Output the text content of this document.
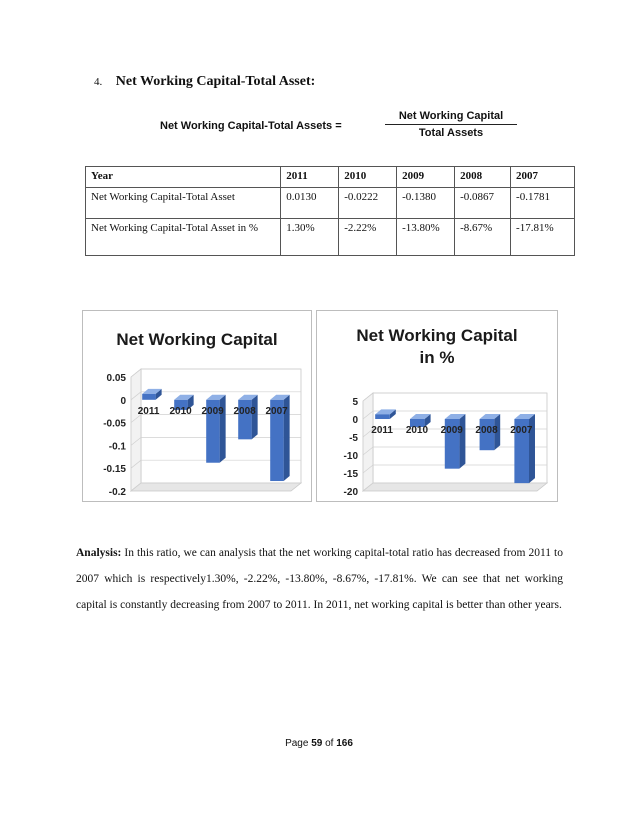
4. Net Working Capital-Total Asset:
Net Working Capital-Total Assets =
Net Working Capital
Total Assets
Year	2011	2010	2009	2008	2007
Net Working Capital-Total Asset	0.0130	-0.0222	-0.1380	-0.0867	-0.1781
Net Working Capital-Total Asset in %	1.30%	-2.22%	-13.80%	-8.67%	-17.81%
Net Working Capital
0.05
0
-0.05
-0.1
-0.15
-0.2
2011 2010 2009 2008 2007
Net Working Capital
in %
5
0
-5
-10
-15
-20
2011 2010 2009 2008 2007
Analysis: In this ratio, we can analysis that the net working capital-total ratio has decreased from 2011 to 2007 which is respectively1.30%, -2.22%, -13.80%, -8.67%, -17.81%. We can see that net working capital is constantly decreasing from 2007 to 2011. In 2011, net working capital is better than other years.
Page 59 of 166
